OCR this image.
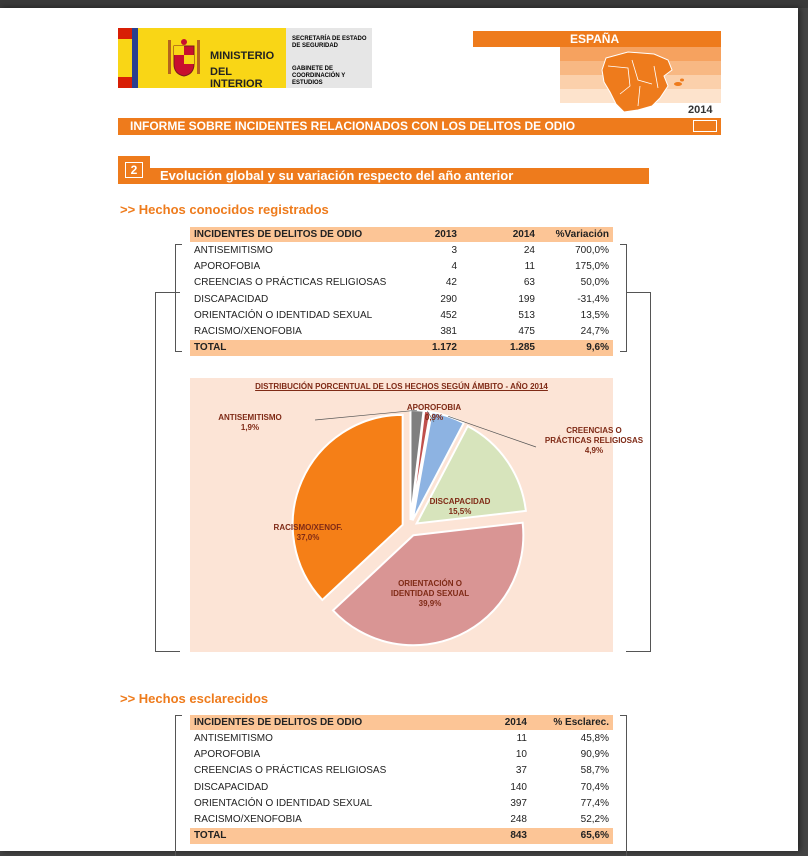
MINISTERIO
DEL INTERIOR
SECRETARÍA DE ESTADO DE SEGURIDAD
GABINETE DE COORDINACIÓN Y ESTUDIOS
ESPAÑA
2014
INFORME SOBRE INCIDENTES RELACIONADOS CON LOS DELITOS DE ODIO
2	Evolución global y su variación respecto del año anterior
>> Hechos conocidos registrados
INCIDENTES DE DELITOS DE ODIO	2013	2014	%Variación
ANTISEMITISMO	3	24	700,0%
APOROFOBIA	4	11	175,0%
CREENCIAS O PRÁCTICAS RELIGIOSAS	42	63	50,0%
DISCAPACIDAD	290	199	-31,4%
ORIENTACIÓN O IDENTIDAD SEXUAL	452	513	13,5%
RACISMO/XENOFOBIA	381	475	24,7%
TOTAL	1.172	1.285	9,6%
DISTRIBUCIÓN PORCENTUAL DE LOS HECHOS SEGÚN ÁMBITO - AÑO 2014
ANTISEMITISMO
1,9%
APOROFOBIA
0,9%
CREENCIAS O
PRÁCTICAS RELIGIOSAS
4,9%
DISCAPACIDAD
15,5%
ORIENTACIÓN O
IDENTIDAD SEXUAL
39,9%
RACISMO/XENOF.
37,0%
>> Hechos esclarecidos
INCIDENTES DE DELITOS DE ODIO	2014	% Esclarec.
ANTISEMITISMO	11	45,8%
APOROFOBIA	10	90,9%
CREENCIAS O PRÁCTICAS RELIGIOSAS	37	58,7%
DISCAPACIDAD	140	70,4%
ORIENTACIÓN O IDENTIDAD SEXUAL	397	77,4%
RACISMO/XENOFOBIA	248	52,2%
TOTAL	843	65,6%
